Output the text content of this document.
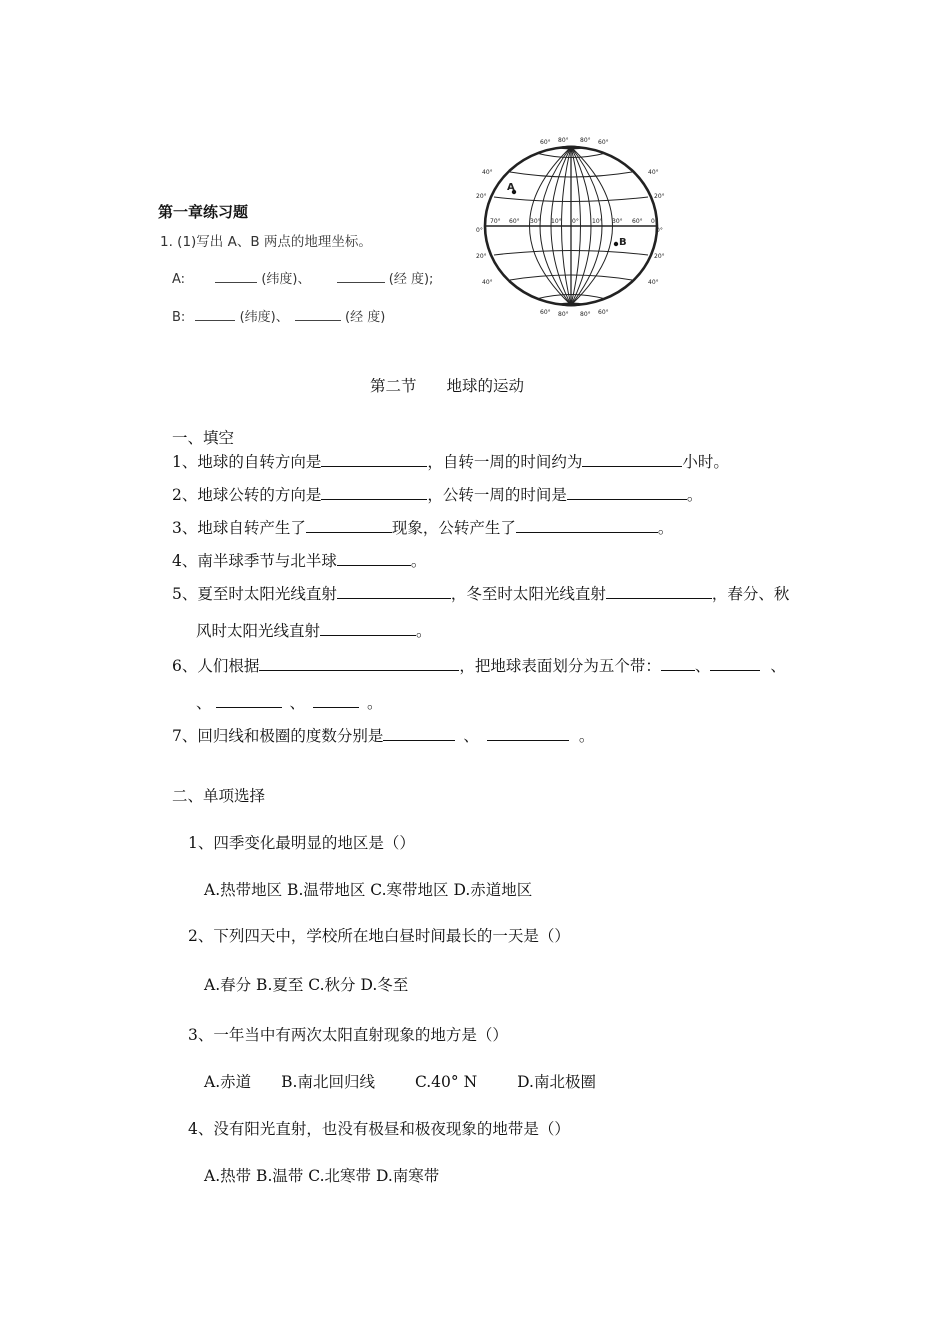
第一章练习题
1. (1)写出 A、B 两点的地理坐标。
A:	(纬度)、	(经 度);
B:	(纬度)、	(经 度)
A
B
70° 60° 30° 10° 0° 10° 30° 60° 0°
40°
20°
0°
20°
40°
40°
20°
0°
20°
40°
60° 80° 80° 60°
60° 80° 80° 60°
第二节 地球的运动
一、填空
1、地球的自转方向是	，自转一周的时间约为	小时。
2、地球公转的方向是	，公转一周的时间是	。
3、地球自转产生了	现象，公转产生了	。
4、南半球季节与北半球	。
5、夏至时太阳光线直射	，冬至时太阳光线直射	，春分、秋
风时太阳光线直射	。
6、人们根据	，把地球表面划分为五个带： 、	、
、	、	。
7、回归线和极圈的度数分别是	、	。
二、单项选择
1、四季变化最明显的地区是（）
A.热带地区 B.温带地区 C.寒带地区 D.赤道地区
2、下列四天中，学校所在地白昼时间最长的一天是（）
A.春分 B.夏至 C.秋分 D.冬至
3、一年当中有两次太阳直射现象的地方是（）
A.赤道 B.南北回归线	C.40° N	D.南北极圈
4、没有阳光直射，也没有极昼和极夜现象的地带是（）
A.热带 B.温带 C.北寒带 D.南寒带
